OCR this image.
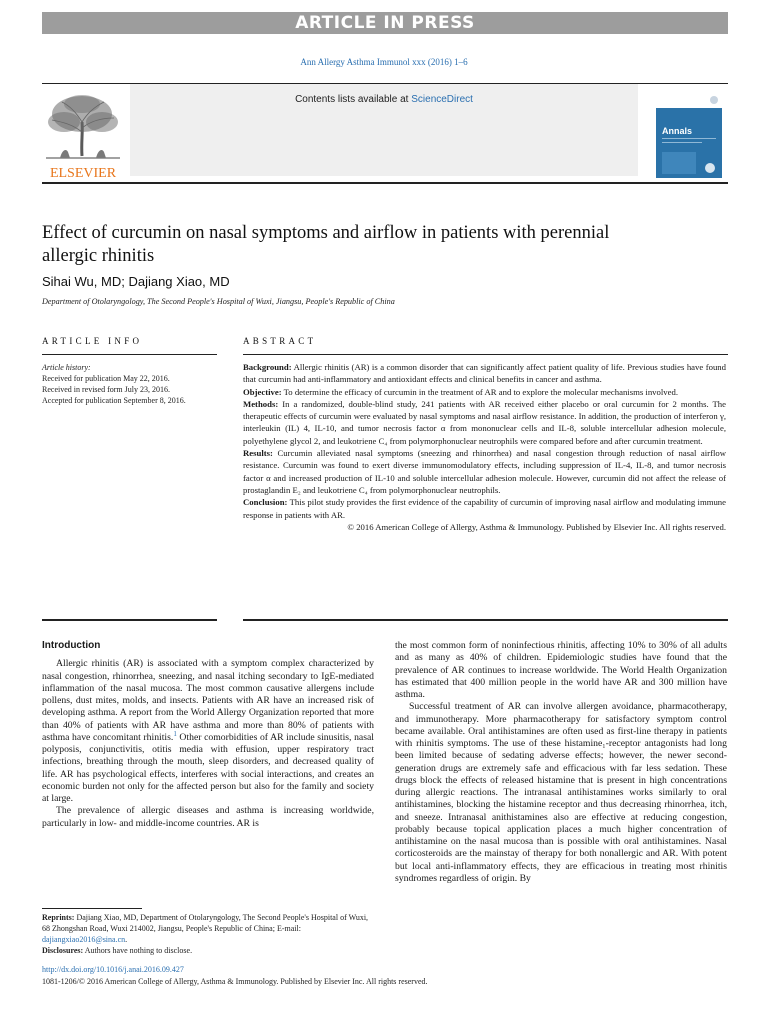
ARTICLE IN PRESS
Ann Allergy Asthma Immunol xxx (2016) 1–6
ELSEVIER
Contents lists available at ScienceDirect
Annals
Effect of curcumin on nasal symptoms and airflow in patients with perennial allergic rhinitis
Sihai Wu, MD; Dajiang Xiao, MD
Department of Otolaryngology, The Second People's Hospital of Wuxi, Jiangsu, People's Republic of China
ARTICLE INFO	ABSTRACT
Article history:
Received for publication May 22, 2016.
Received in revised form July 23, 2016.
Accepted for publication September 8, 2016.

Background: Allergic rhinitis (AR) is a common disorder that can significantly affect patient quality of life. Previous studies have found that curcumin had anti-inflammatory and antioxidant effects and clinical benefits in cancer and asthma.

Objective: To determine the efficacy of curcumin in the treatment of AR and to explore the molecular mechanisms involved.

Methods: In a randomized, double-blind study, 241 patients with AR received either placebo or oral curcumin for 2 months. The therapeutic effects of curcumin were evaluated by nasal symptoms and nasal airflow resistance. In addition, the production of interferon γ, interleukin (IL) 4, IL-10, and tumor necrosis factor α from mononuclear cells and IL-8, soluble intercellular adhesion molecule, polyethylene glycol 2, and leukotriene C₄ from polymorphonuclear neutrophils were compared before and after curcumin treatment.

Results: Curcumin alleviated nasal symptoms (sneezing and rhinorrhea) and nasal congestion through reduction of nasal airflow resistance. Curcumin was found to exert diverse immunomodulatory effects, including suppression of IL-4, IL-8, and tumor necrosis factor α and increased production of IL-10 and soluble intercellular adhesion molecule. However, curcumin did not affect the release of prostaglandin E₂ and leukotriene C₄ from polymorphonuclear neutrophils.

Conclusion: This pilot study provides the first evidence of the capability of curcumin of improving nasal airflow and modulating immune response in patients with AR.

© 2016 American College of Allergy, Asthma & Immunology. Published by Elsevier Inc. All rights reserved.

Introduction

Allergic rhinitis (AR) is associated with a symptom complex characterized by nasal congestion, rhinorrhea, sneezing, and nasal itching secondary to IgE-mediated inflammation of the nasal mucosa. The most common causative allergens include pollens, dust mites, molds, and insects. Patients with AR have an increased risk of developing asthma. A report from the World Allergy Organization reported that more than 40% of patients with AR have asthma and more than 80% of patients with asthma have concomitant rhinitis.$^1$ Other comorbidities of AR include sinusitis, nasal polyposis, conjunctivitis, otitis media with effusion, upper respiratory tract infections, breathing through the mouth, sleep disorders, and decreased quality of life. AR has psychological effects, interferes with social interactions, and creates an economic burden not only for the affected person but also for the family and society at large.

The prevalence of allergic diseases and asthma is increasing worldwide, particularly in low- and middle-income countries. AR is

the most common form of noninfectious rhinitis, affecting 10% to 30% of all adults and as many as 40% of children. Epidemiologic studies have found that the prevalence of AR continues to increase worldwide. The World Health Organization has estimated that 400 million people in the world have AR and 300 million have asthma.

Successful treatment of AR can involve allergen avoidance, pharmacotherapy, and immunotherapy. More pharmacotherapy for satisfactory symptom control became available. Oral antihistamines are often used as first-line therapy in patients with rhinitis symptoms. The use of these histamine₁-receptor antagonists had long been limited because of sedating adverse effects; however, the newer second-generation drugs are extremely safe and efficacious with far less sedation. These drugs block the effects of released histamine that is present in high concentrations during allergic reactions. The intranasal antihistamines works similarly to oral antihistamines, blocking the histamine receptor and thus decreasing rhinorrhea, itch, and sneeze. Intranasal anithistamines also are effective at reducing congestion, probably because topical application places a much higher concentration of antihistamine on the nasal mucosa than is possible with oral antihistamines. Nasal corticosteroids are the mainstay of therapy for both nonallergic and AR. With potent but local anti-inflammatory effects, they are efficacious in treating most rhinitis syndromes regardless of origin. By

Reprints: Dajiang Xiao, MD, Department of Otolaryngology, The Second People's Hospital of Wuxi, 68 Zhongshan Road, Wuxi 214002, Jiangsu, People's Republic of China; E-mail: dajiangxiao2016@sina.cn.
Disclosures: Authors have nothing to disclose.
http://dx.doi.org/10.1016/j.anai.2016.09.427
1081-1206/© 2016 American College of Allergy, Asthma & Immunology. Published by Elsevier Inc. All rights reserved.
